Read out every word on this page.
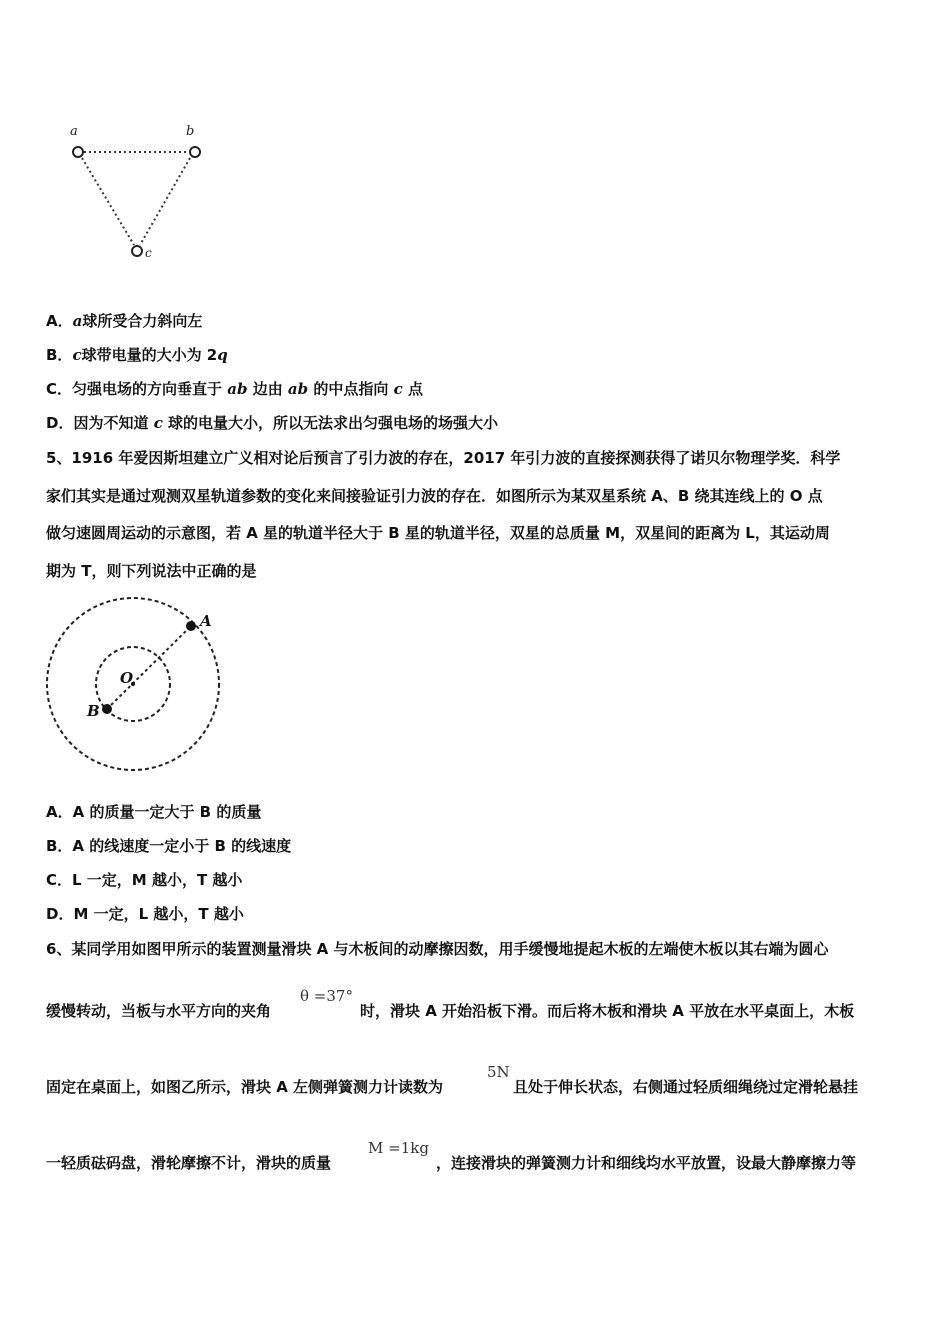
a	b
c
A．a球所受合力斜向左
B．c球带电量的大小为 2q
C．匀强电场的方向垂直于 ab 边由 ab 的中点指向 c 点
D．因为不知道 c 球的电量大小，所以无法求出匀强电场的场强大小
5、1916 年爱因斯坦建立广义相对论后预言了引力波的存在，2017 年引力波的直接探测获得了诺贝尔物理学奖．科学
家们其实是通过观测双星轨道参数的变化来间接验证引力波的存在．如图所示为某双星系统 A、B 绕其连线上的 O 点
做匀速圆周运动的示意图，若 A 星的轨道半径大于 B 星的轨道半径，双星的总质量 M，双星间的距离为 L，其运动周
期为 T，则下列说法中正确的是
A
O
B
A．A 的质量一定大于 B 的质量
B．A 的线速度一定小于 B 的线速度
C．L 一定，M 越小，T 越小
D．M 一定，L 越小，T 越小
6、某同学用如图甲所示的装置测量滑块 A 与木板间的动摩擦因数，用手缓慢地提起木板的左端使木板以其右端为圆心
缓慢转动，当板与水平方向的夹角
θ =37°
时，滑块 A 开始沿板下滑。而后将木板和滑块 A 平放在水平桌面上，木板
固定在桌面上，如图乙所示，滑块 A 左侧弹簧测力计读数为
5N
且处于伸长状态，右侧通过轻质细绳绕过定滑轮悬挂
一轻质砝码盘，滑轮摩擦不计，滑块的质量
M =1kg
，连接滑块的弹簧测力计和细线均水平放置，设最大静摩擦力等
